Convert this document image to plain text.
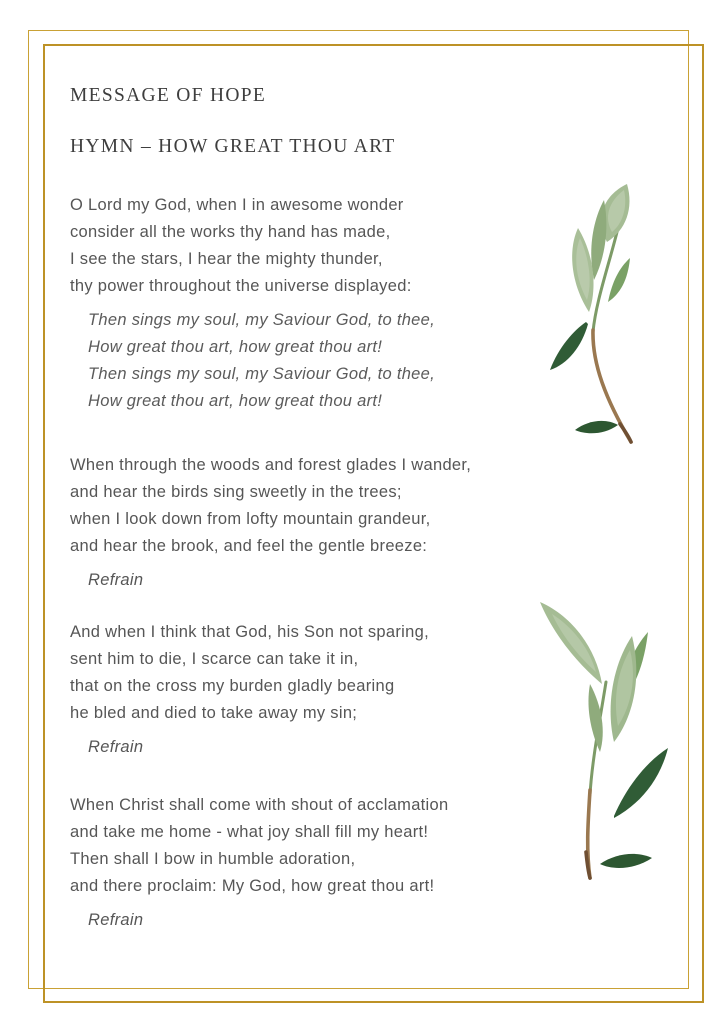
MESSAGE OF HOPE
HYMN – HOW GREAT THOU ART

O Lord my God, when I in awesome wonder

consider all the works thy hand has made,

I see the stars, I hear the mighty thunder,

thy power throughout the universe displayed:

Then sings my soul, my Saviour God, to thee,

How great thou art, how great thou art!

Then sings my soul, my Saviour God, to thee,

How great thou art, how great thou art!

When through the woods and forest glades I wander,

and hear the birds sing sweetly in the trees;

when I look down from lofty mountain grandeur,

and hear the brook, and feel the gentle breeze:

Refrain

And when I think that God, his Son not sparing,

sent him to die, I scarce can take it in,

that on the cross my burden gladly bearing

he bled and died to take away my sin;

Refrain

When Christ shall come with shout of acclamation

and take me home - what joy shall fill my heart!

Then shall I bow in humble adoration,

and there proclaim: My God, how great thou art!

Refrain
